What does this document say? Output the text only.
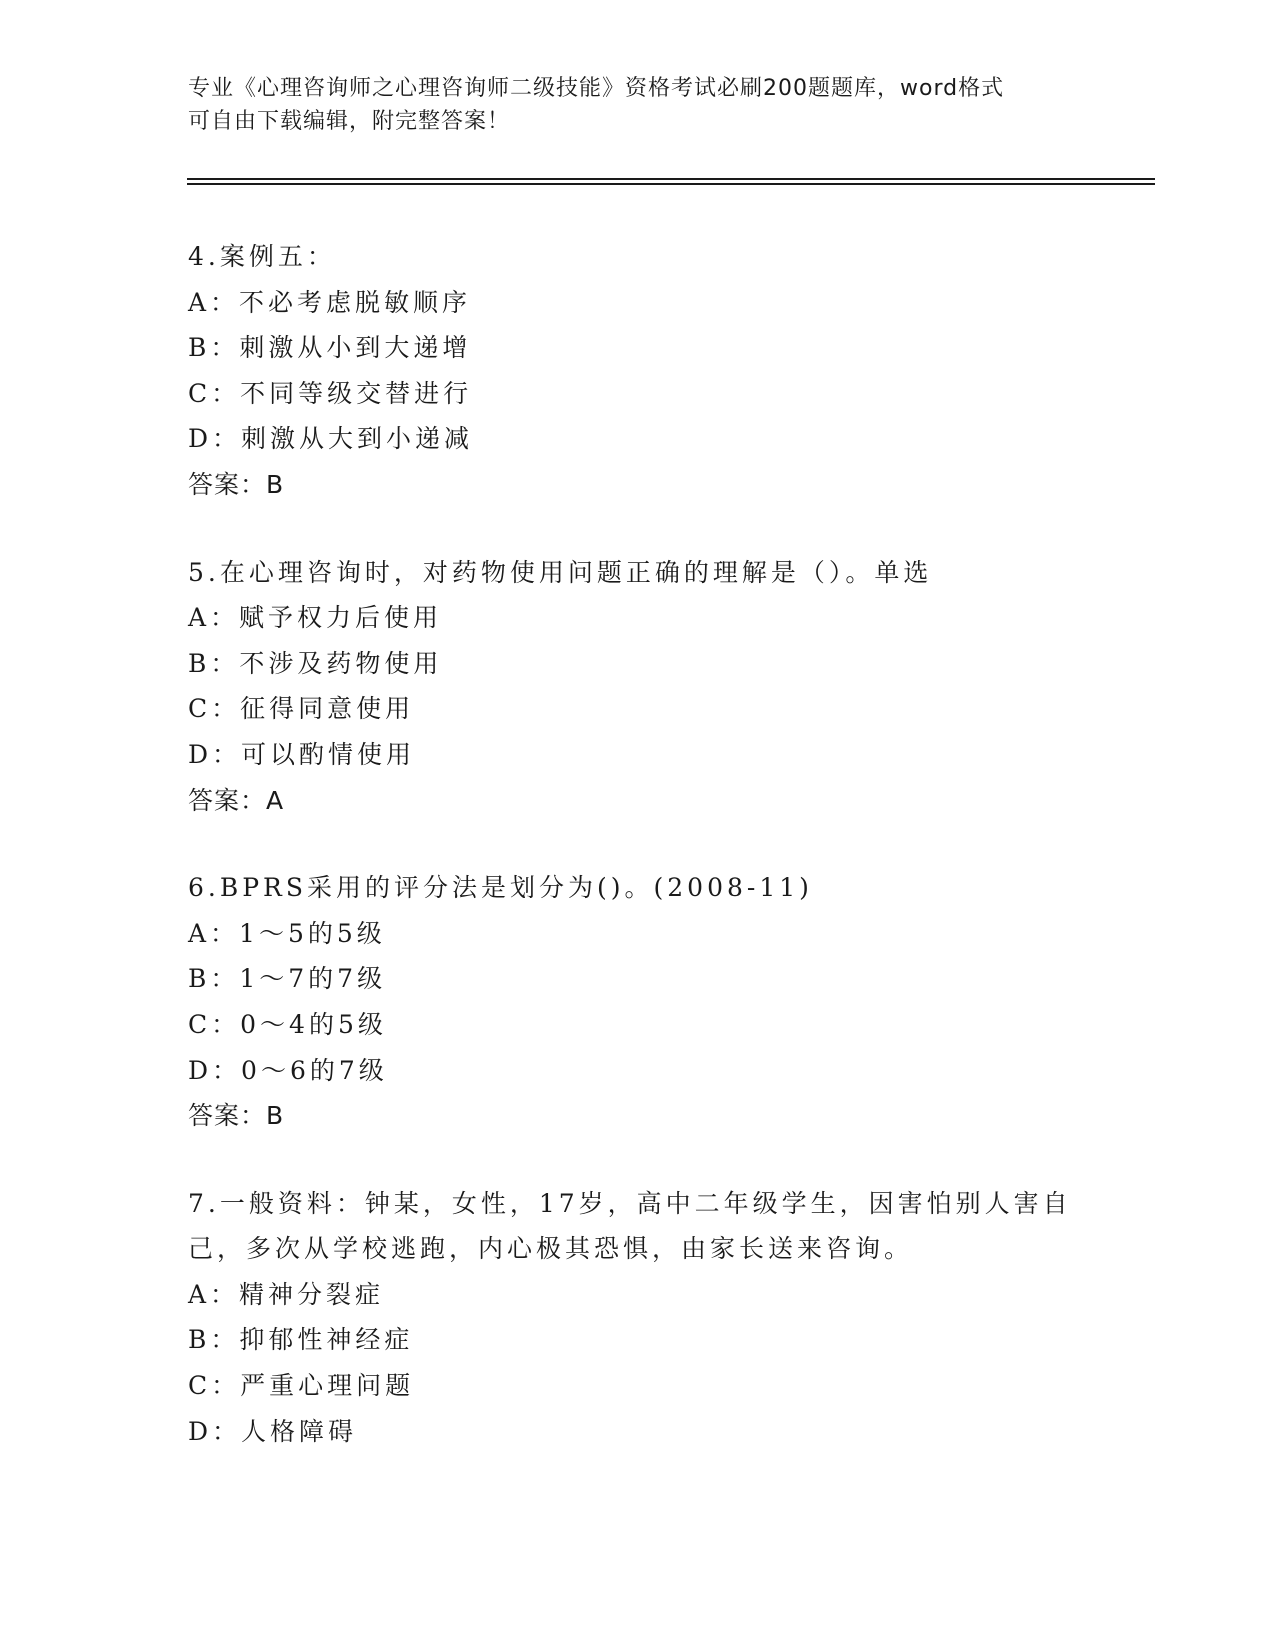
专业《心理咨询师之心理咨询师二级技能》资格考试必刷200题题库，word格式
可自由下载编辑，附完整答案！
4.案例五：
A：不必考虑脱敏顺序
B：刺激从小到大递增
C：不同等级交替进行
D：刺激从大到小递减
答案：B
5.在心理咨询时，对药物使用问题正确的理解是（）。单选
A：赋予权力后使用
B：不涉及药物使用
C：征得同意使用
D：可以酌情使用
答案：A
6.BPRS采用的评分法是划分为()。(2008-11)
A：1～5的5级
B：1～7的7级
C：0～4的5级
D：0～6的7级
答案：B
7.一般资料：钟某，女性，17岁，高中二年级学生，因害怕别人害自
己，多次从学校逃跑，内心极其恐惧，由家长送来咨询。
A：精神分裂症
B：抑郁性神经症
C：严重心理问题
D：人格障碍
